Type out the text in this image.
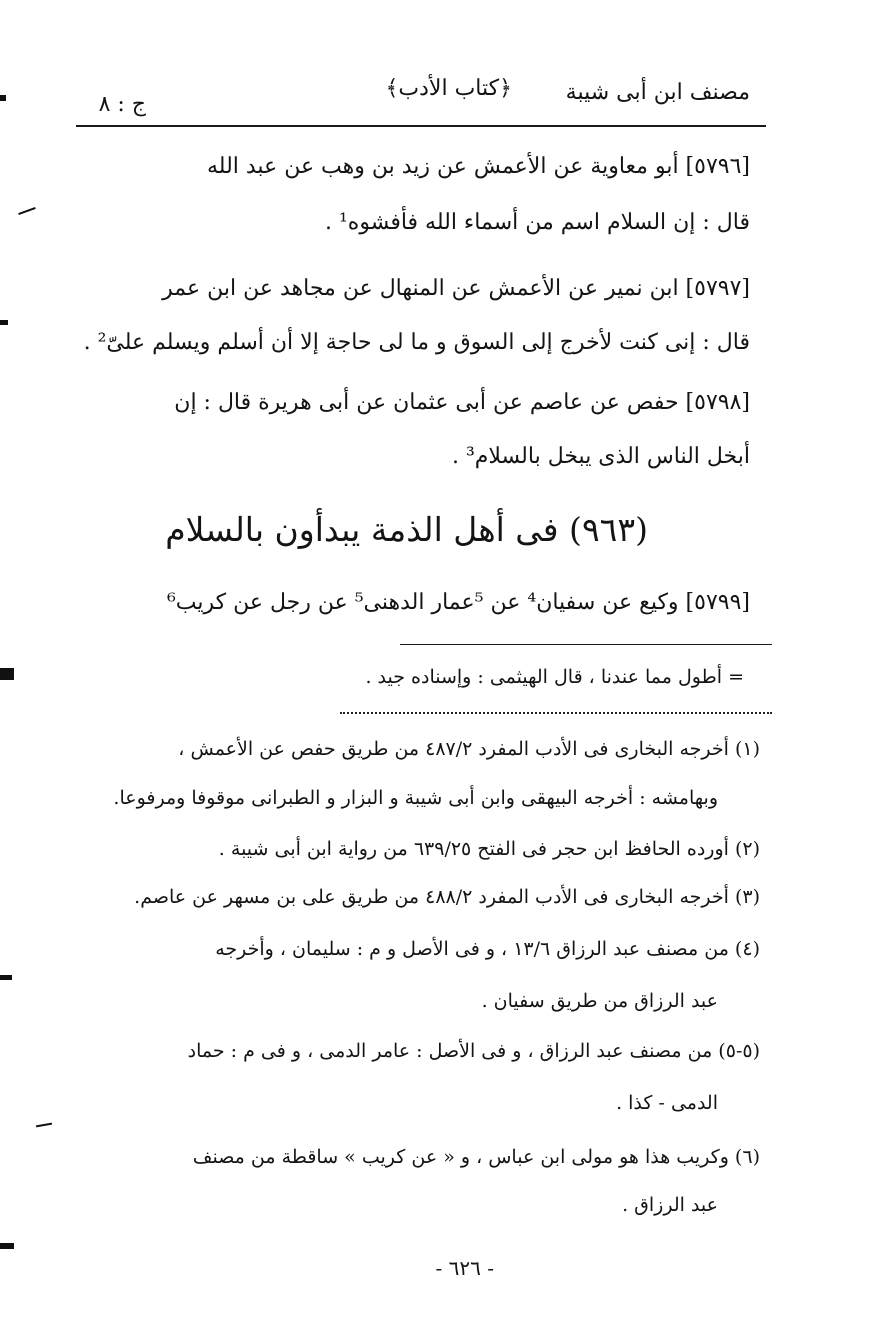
مصنف ابن أبى شيبة
﴿كتاب الأدب﴾
ج : ٨
[٥٧٩٦] أبو معاوية عن الأعمش عن زيد بن وهب عن عبد الله
قال : إن السلام اسم من أسماء الله فأفشوه¹ .
[٥٧٩٧] ابن نمير عن الأعمش عن المنهال عن مجاهد عن ابن عمر
قال : إنى كنت لأخرج إلى السوق و ما لى حاجة إلا أن أسلم ويسلم علىّ² .
[٥٧٩٨] حفص عن عاصم عن أبى عثمان عن أبى هريرة قال : إن
أبخل الناس الذى يبخل بالسلام³ .
(٩٦٣) فى أهل الذمة يبدأون بالسلام
[٥٧٩٩] وكيع عن سفيان⁴ عن ⁵عمار الدهنى⁵ عن رجل عن كريب⁶
= أطول مما عندنا ، قال الهيثمى : وإسناده جيد .
(١) أخرجه البخارى فى الأدب المفرد ٤٨٧/٢ من طريق حفص عن الأعمش ،
وبهامشه : أخرجه البيهقى وابن أبى شيبة و البزار و الطبرانى موقوفا ومرفوعا.
(٢) أورده الحافظ ابن حجر فى الفتح ٦٣٩/٢٥ من رواية ابن أبى شيبة .
(٣) أخرجه البخارى فى الأدب المفرد ٤٨٨/٢ من طريق على بن مسهر عن عاصم.
(٤) من مصنف عبد الرزاق ١٣/٦ ، و فى الأصل و م : سليمان ، وأخرجه
عبد الرزاق من طريق سفيان .
(٥-٥) من مصنف عبد الرزاق ، و فى الأصل : عامر الدمى ، و فى م : حماد
الدمى - كذا .
(٦) وكريب هذا هو مولى ابن عباس ، و « عن كريب » ساقطة من مصنف
عبد الرزاق .
- ٦٢٦ -
